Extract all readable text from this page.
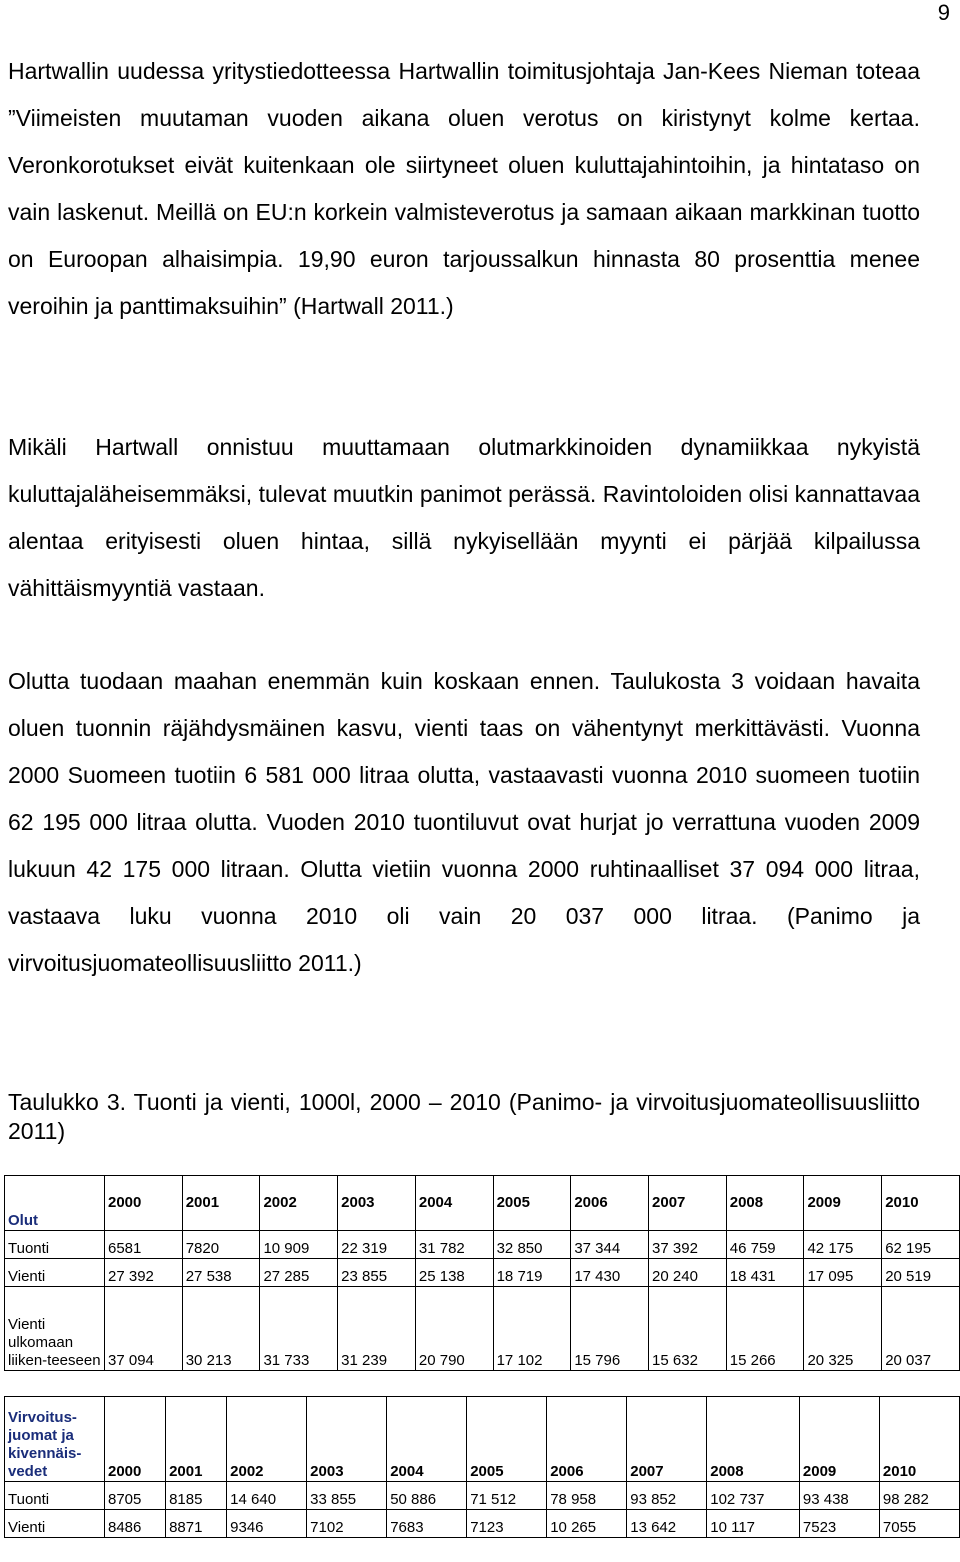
9
Hartwallin uudessa yritystiedotteessa Hartwallin toimitusjohtaja Jan-Kees Nieman toteaa ”Viimeisten muutaman vuoden aikana oluen verotus on kiristynyt kolme kertaa. Veronkorotukset eivät kuitenkaan ole siirtyneet oluen kuluttajahintoihin, ja hintataso on vain laskenut. Meillä on EU:n korkein valmisteverotus ja samaan aikaan markkinan tuotto on Euroopan alhaisimpia. 19,90 euron tarjoussalkun hinnasta 80 prosenttia menee veroihin ja panttimaksuihin” (Hartwall 2011.)
Mikäli Hartwall onnistuu muuttamaan olutmarkkinoiden dynamiikkaa nykyistä kuluttajaläheisemmäksi, tulevat muutkin panimot perässä. Ravintoloiden olisi kannattavaa alentaa erityisesti oluen hintaa, sillä nykyisellään myynti ei pärjää kilpailussa vähittäismyyntiä vastaan.
Olutta tuodaan maahan enemmän kuin koskaan ennen. Taulukosta 3 voidaan havaita oluen tuonnin räjähdysmäinen kasvu, vienti taas on vähentynyt merkittävästi. Vuonna 2000 Suomeen tuotiin 6 581 000 litraa olutta, vastaavasti vuonna 2010 suomeen tuotiin 62 195 000 litraa olutta. Vuoden 2010 tuontiluvut ovat hurjat jo verrattuna vuoden 2009 lukuun 42 175 000 litraan. Olutta vietiin vuonna 2000 ruhtinaalliset 37 094 000 litraa, vastaava luku vuonna 2010 oli vain 20 037 000 litraa. (Panimo ja virvoitusjuomateollisuusliitto 2011.)
Taulukko 3. Tuonti ja vienti, 1000l, 2000 – 2010 (Panimo- ja virvoitusjuomateollisuusliitto 2011)
Olut	2000	2001	2002	2003	2004	2005	2006	2007	2008	2009	2010
Tuonti	6581	7820	10 909	22 319	31 782	32 850	37 344	37 392	46 759	42 175	62 195
Vienti	27 392	27 538	27 285	23 855	25 138	18 719	17 430	20 240	18 431	17 095	20 519
Vienti ulkomaan liiken-teeseen	37 094	30 213	31 733	31 239	20 790	17 102	15 796	15 632	15 266	20 325	20 037
Virvoitus-juomat ja kivennäis-vedet	2000	2001	2002	2003	2004	2005	2006	2007	2008	2009	2010
Tuonti	8705	8185	14 640	33 855	50 886	71 512	78 958	93 852	102 737	93 438	98 282
Vienti	8486	8871	9346	7102	7683	7123	10 265	13 642	10 117	7523	7055
